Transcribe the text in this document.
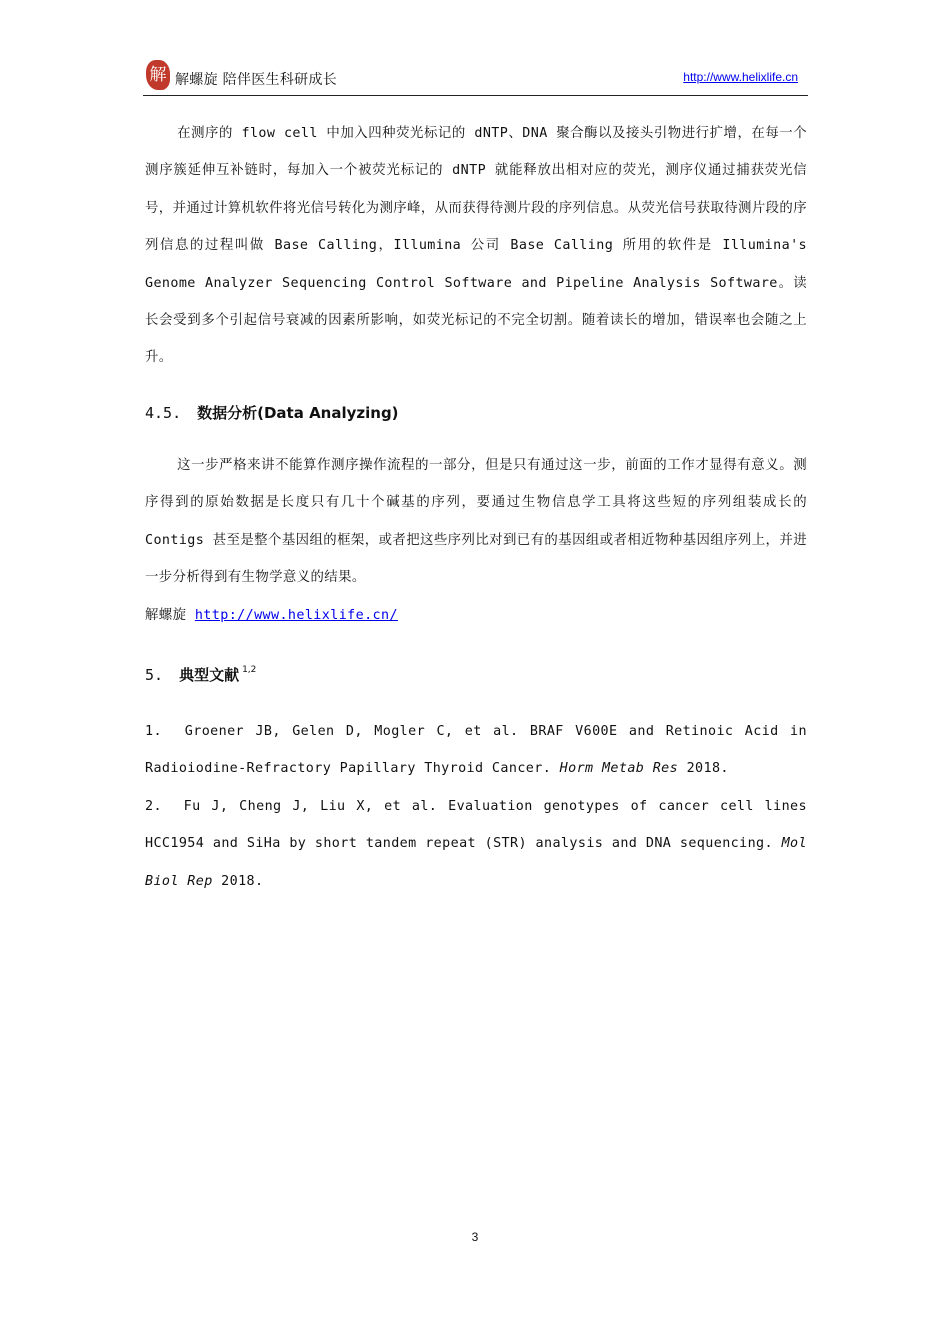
解 解螺旋 陪伴医生科研成长	http://www.helixlife.cn

在测序的 flow cell 中加入四种荧光标记的 dNTP、DNA 聚合酶以及接头引物进行扩增，在每一个测序簇延伸互补链时，每加入一个被荧光标记的 dNTP 就能释放出相对应的荧光，测序仪通过捕获荧光信号，并通过计算机软件将光信号转化为测序峰，从而获得待测片段的序列信息。从荧光信号获取待测片段的序列信息的过程叫做 Base Calling，Illumina 公司 Base Calling 所用的软件是 Illumina's Genome Analyzer Sequencing Control Software and Pipeline Analysis Software。读长会受到多个引起信号衰减的因素所影响，如荧光标记的不完全切割。随着读长的增加，错误率也会随之上升。

4.5. 数据分析(Data Analyzing)

这一步严格来讲不能算作测序操作流程的一部分，但是只有通过这一步，前面的工作才显得有意义。测序得到的原始数据是长度只有几十个碱基的序列，要通过生物信息学工具将这些短的序列组装成长的 Contigs 甚至是整个基因组的框架，或者把这些序列比对到已有的基因组或者相近物种基因组序列上，并进一步分析得到有生物学意义的结果。

解螺旋 http://www.helixlife.cn/

5. 典型文献 $^{1,2}$

1. Groener JB, Gelen D, Mogler C, et al. BRAF V600E and Retinoic Acid in Radioiodine-Refractory Papillary Thyroid Cancer. Horm Metab Res 2018.

2. Fu J, Cheng J, Liu X, et al. Evaluation genotypes of cancer cell lines HCC1954 and SiHa by short tandem repeat (STR) analysis and DNA sequencing. Mol Biol Rep 2018.

3
